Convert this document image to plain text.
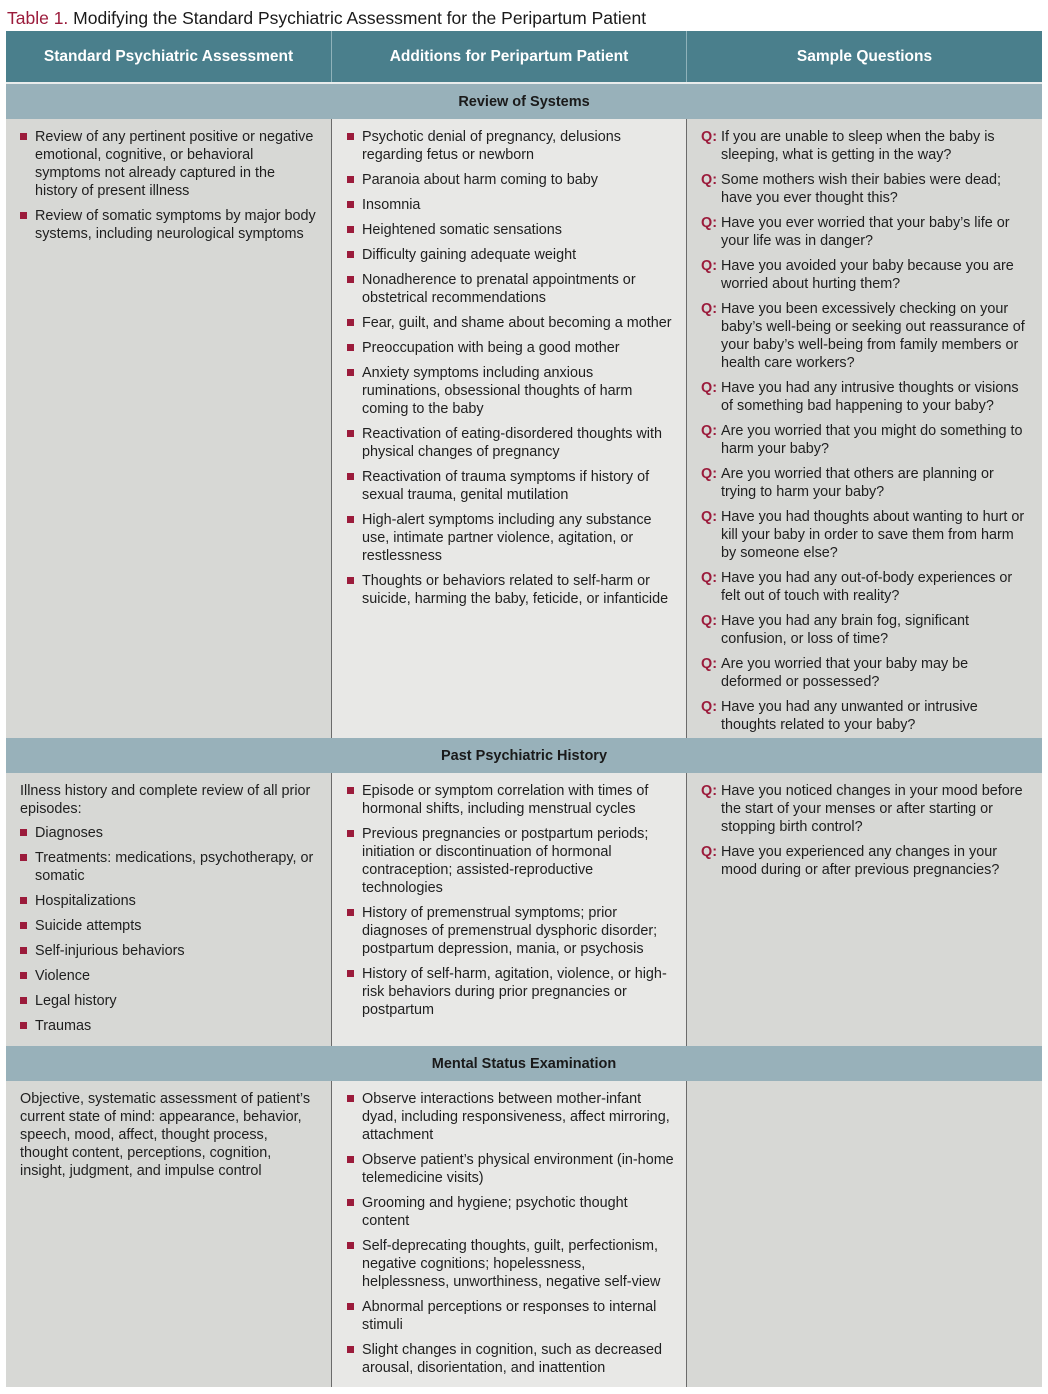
Table 1. Modifying the Standard Psychiatric Assessment for the Peripartum Patient
Standard Psychiatric Assessment	Additions for Peripartum Patient	Sample Questions
Review of Systems
Review of any pertinent positive or negative emotional, cognitive, or behavioral symptoms not already captured in the history of present illness
Review of somatic symptoms by major body systems, including neurological symptoms
Psychotic denial of pregnancy, delusions regarding fetus or newborn
Paranoia about harm coming to baby
Insomnia
Heightened somatic sensations
Difficulty gaining adequate weight
Nonadherence to prenatal appointments or obstetrical recommendations
Fear, guilt, and shame about becoming a mother
Preoccupation with being a good mother
Anxiety symptoms including anxious ruminations, obsessional thoughts of harm coming to the baby
Reactivation of eating-disordered thoughts with physical changes of pregnancy
Reactivation of trauma symptoms if history of sexual trauma, genital mutilation
High-alert symptoms including any substance use, intimate partner violence, agitation, or restlessness
Thoughts or behaviors related to self-harm or suicide, harming the baby, feticide, or infanticide
Q: If you are unable to sleep when the baby is sleeping, what is getting in the way?
Q: Some mothers wish their babies were dead; have you ever thought this?
Q: Have you ever worried that your baby’s life or your life was in danger?
Q: Have you avoided your baby because you are worried about hurting them?
Q: Have you been excessively checking on your baby’s well-being or seeking out reassurance of your baby’s well-being from family members or health care workers?
Q: Have you had any intrusive thoughts or visions of something bad happening to your baby?
Q: Are you worried that you might do something to harm your baby?
Q: Are you worried that others are planning or trying to harm your baby?
Q: Have you had thoughts about wanting to hurt or kill your baby in order to save them from harm by someone else?
Q: Have you had any out-of-body experiences or felt out of touch with reality?
Q: Have you had any brain fog, significant confusion, or loss of time?
Q: Are you worried that your baby may be deformed or possessed?
Q: Have you had any unwanted or intrusive thoughts related to your baby?
Past Psychiatric History
Illness history and complete review of all prior episodes:
Diagnoses
Treatments: medications, psychotherapy, or somatic
Hospitalizations
Suicide attempts
Self-injurious behaviors
Violence
Legal history
Traumas
Episode or symptom correlation with times of hormonal shifts, including menstrual cycles
Previous pregnancies or postpartum periods; initiation or discontinuation of hormonal contraception; assisted-reproductive technologies
History of premenstrual symptoms; prior diagnoses of premenstrual dysphoric disorder; postpartum depression, mania, or psychosis
History of self-harm, agitation, violence, or high-risk behaviors during prior pregnancies or postpartum
Q: Have you noticed changes in your mood before the start of your menses or after starting or stopping birth control?
Q: Have you experienced any changes in your mood during or after previous pregnancies?
Mental Status Examination
Objective, systematic assessment of patient’s current state of mind: appearance, behavior, speech, mood, affect, thought process, thought content, perceptions, cognition, insight, judgment, and impulse control
Observe interactions between mother-infant dyad, including responsiveness, affect mirroring, attachment
Observe patient’s physical environment (in-home telemedicine visits)
Grooming and hygiene; psychotic thought content
Self-deprecating thoughts, guilt, perfectionism, negative cognitions; hopelessness, helplessness, unworthiness, negative self-view
Abnormal perceptions or responses to internal stimuli
Slight changes in cognition, such as decreased arousal, disorientation, and inattention
